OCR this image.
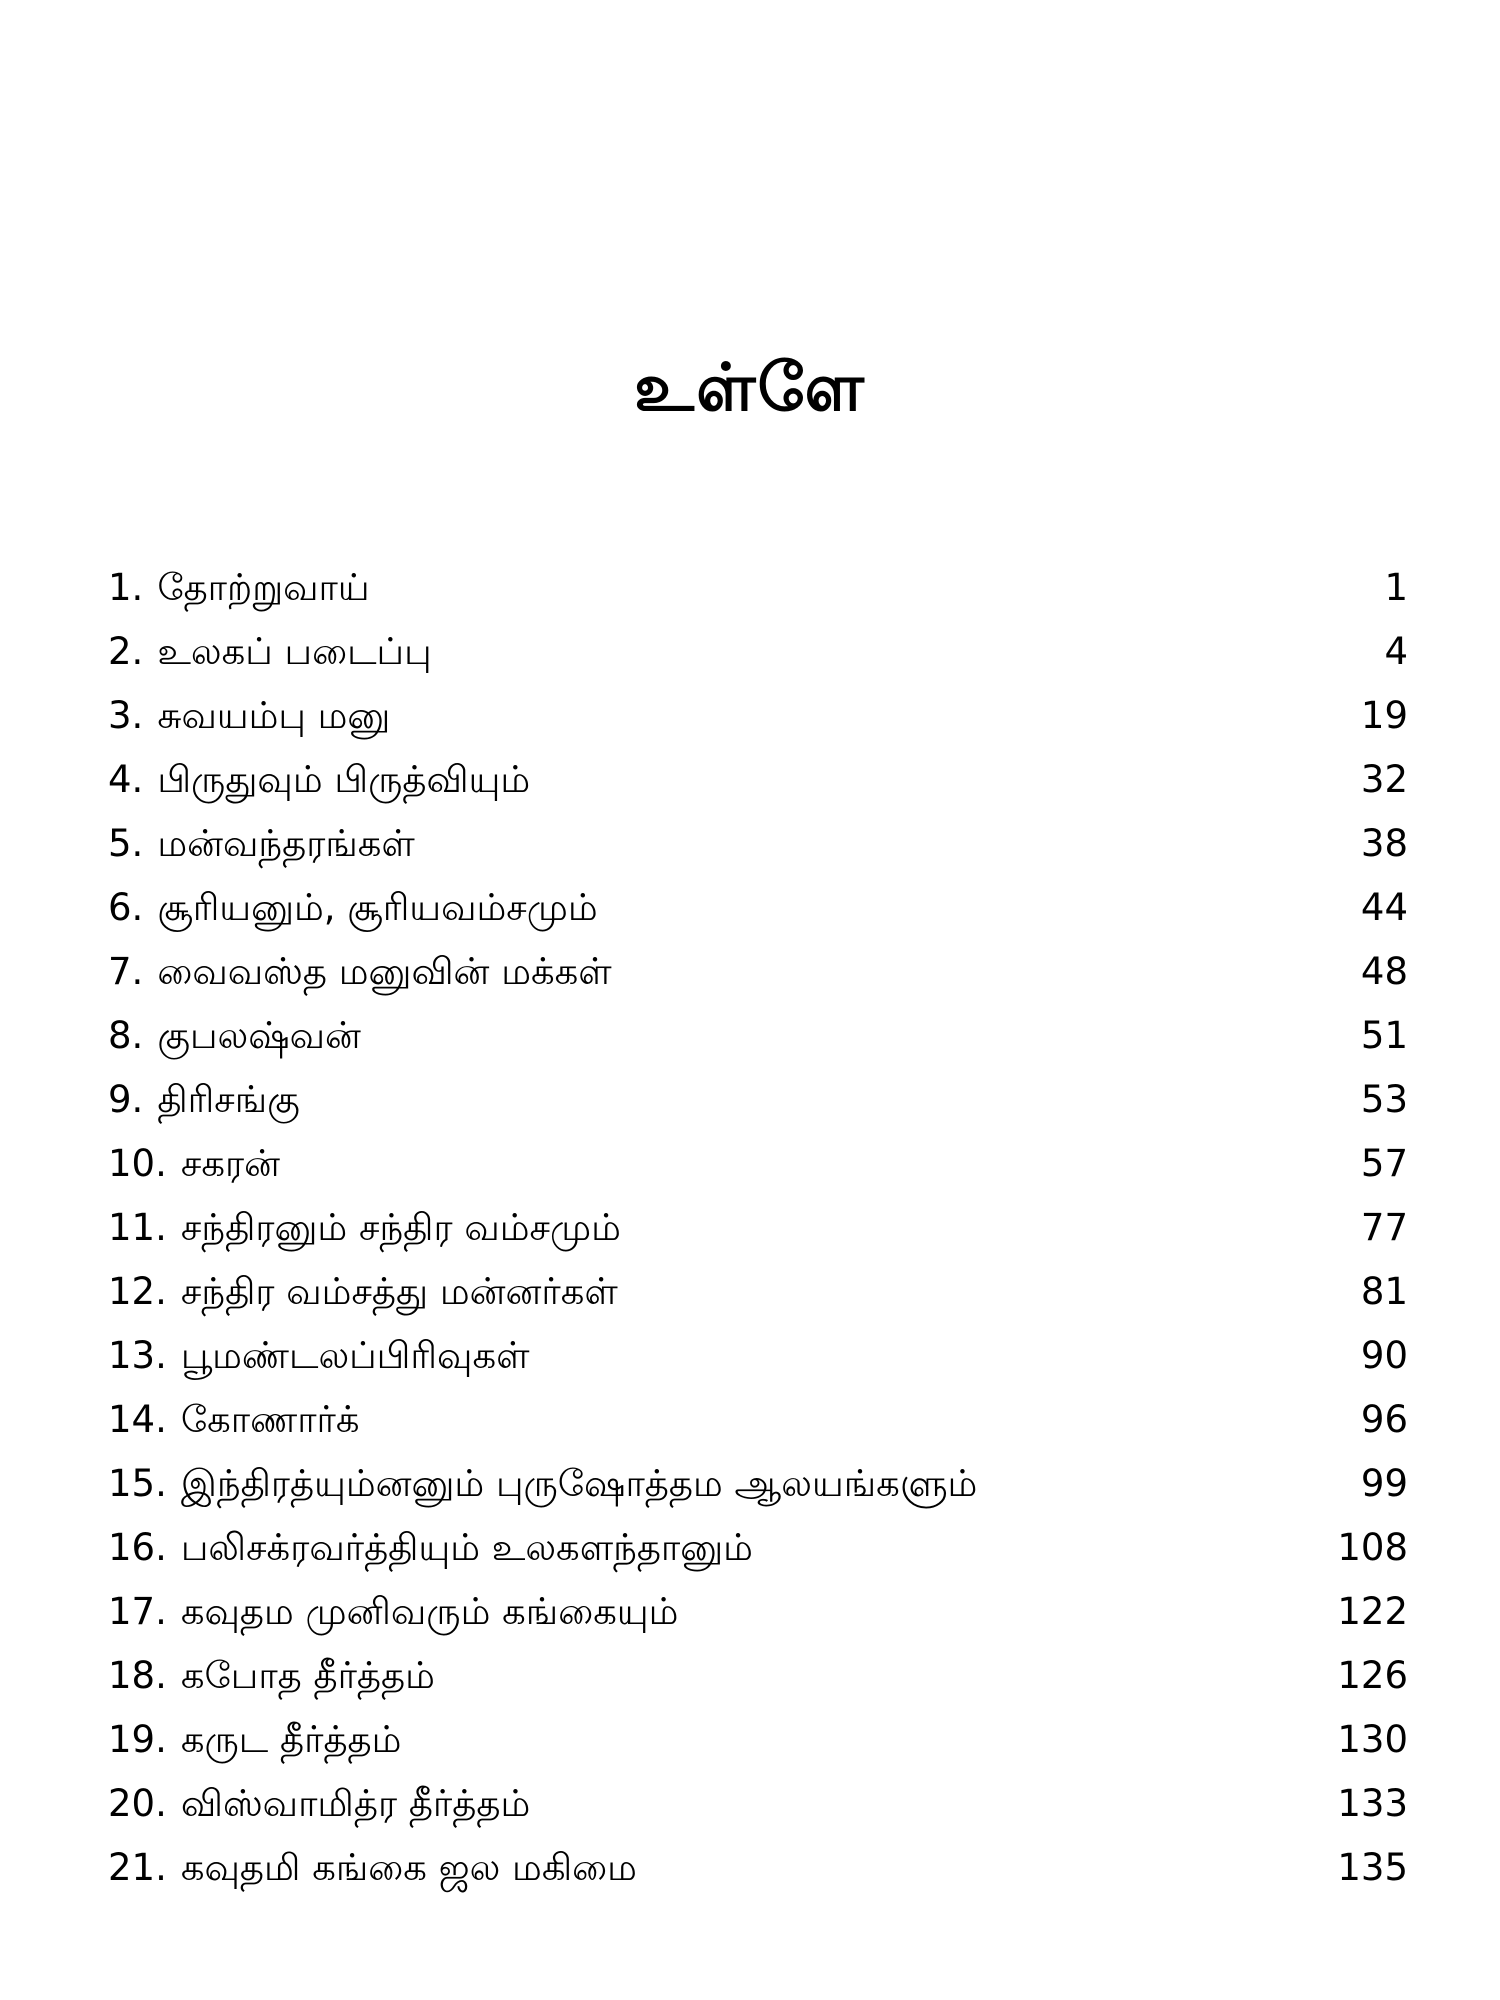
உள்ளே
1. தோற்றுவாய்	1
2. உலகப் படைப்பு	4
3. சுவயம்பு மனு	19
4. பிருதுவும் பிருத்வியும்	32
5. மன்வந்தரங்கள்	38
6. சூரியனும், சூரியவம்சமும்	44
7. வைவஸ்த மனுவின் மக்கள்	48
8. குபலஷ்வன்	51
9. திரிசங்கு	53
10. சகரன்	57
11. சந்திரனும் சந்திர வம்சமும்	77
12. சந்திர வம்சத்து மன்னர்கள்	81
13. பூமண்டலப்பிரிவுகள்	90
14. கோணார்க்	96
15. இந்திரத்யும்னனும் புருஷோத்தம ஆலயங்களும்	99
16. பலிசக்ரவர்த்தியும் உலகளந்தானும்	108
17. கவுதம முனிவரும் கங்கையும்	122
18. கபோத தீர்த்தம்	126
19. கருட தீர்த்தம்	130
20. விஸ்வாமித்ர தீர்த்தம்	133
21. கவுதமி கங்கை ஜல மகிமை	135
